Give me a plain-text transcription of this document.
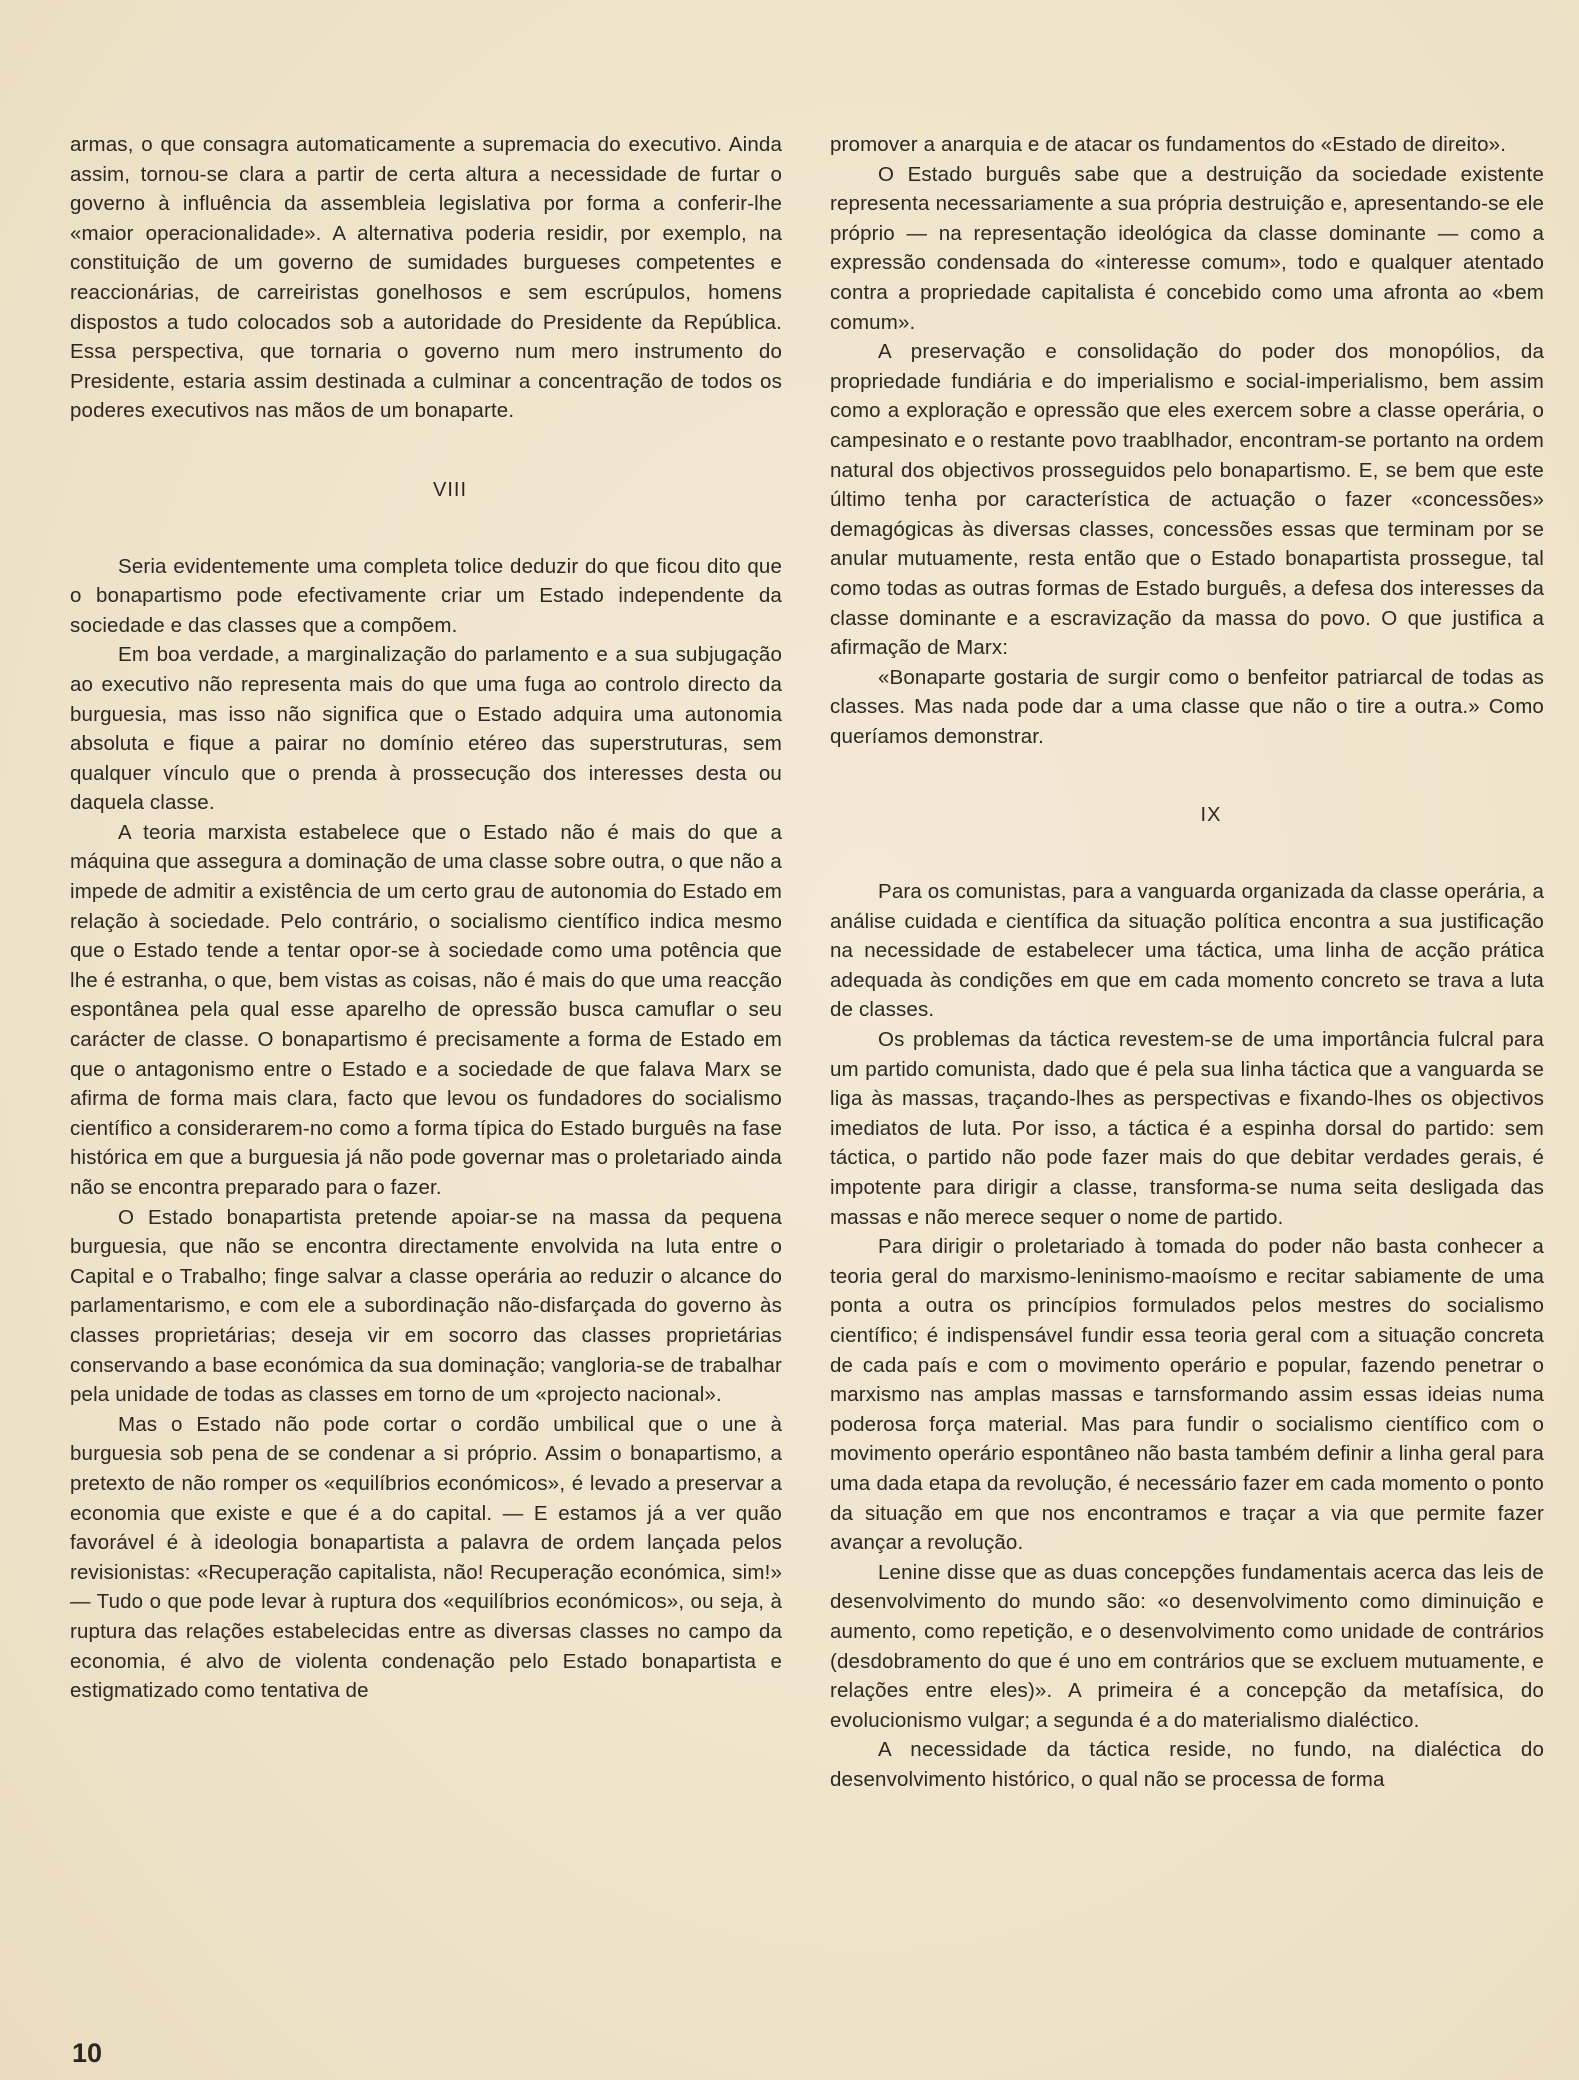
armas, o que consagra automaticamente a supremacia do executivo. Ainda assim, tornou-se clara a partir de certa altura a necessidade de furtar o governo à influência da assembleia legislativa por forma a conferir-lhe «maior operacionalidade». A alternativa poderia residir, por exemplo, na constituição de um governo de sumidades burgueses competentes e reaccionárias, de carreiristas gonelhosos e sem escrúpulos, homens dispostos a tudo colocados sob a autoridade do Presidente da República. Essa perspectiva, que tornaria o governo num mero instrumento do Presidente, estaria assim destinada a culminar a concentração de todos os poderes executivos nas mãos de um bonaparte.

VIII

Seria evidentemente uma completa tolice deduzir do que ficou dito que o bonapartismo pode efectivamente criar um Estado independente da sociedade e das classes que a compõem.

Em boa verdade, a marginalização do parlamento e a sua subjugação ao executivo não representa mais do que uma fuga ao controlo directo da burguesia, mas isso não significa que o Estado adquira uma autonomia absoluta e fique a pairar no domínio etéreo das superstruturas, sem qualquer vínculo que o prenda à prossecução dos interesses desta ou daquela classe.

A teoria marxista estabelece que o Estado não é mais do que a máquina que assegura a dominação de uma classe sobre outra, o que não a impede de admitir a existência de um certo grau de autonomia do Estado em relação à sociedade. Pelo contrário, o socialismo científico indica mesmo que o Estado tende a tentar opor-se à sociedade como uma potência que lhe é estranha, o que, bem vistas as coisas, não é mais do que uma reacção espontânea pela qual esse aparelho de opressão busca camuflar o seu carácter de classe. O bonapartismo é precisamente a forma de Estado em que o antagonismo entre o Estado e a sociedade de que falava Marx se afirma de forma mais clara, facto que levou os fundadores do socialismo científico a considerarem-no como a forma típica do Estado burguês na fase histórica em que a burguesia já não pode governar mas o proletariado ainda não se encontra preparado para o fazer.

O Estado bonapartista pretende apoiar-se na massa da pequena burguesia, que não se encontra directamente envolvida na luta entre o Capital e o Trabalho; finge salvar a classe operária ao reduzir o alcance do parlamentarismo, e com ele a subordinação não-disfarçada do governo às classes proprietárias; deseja vir em socorro das classes proprietárias conservando a base económica da sua dominação; vangloria-se de trabalhar pela unidade de todas as classes em torno de um «projecto nacional».

Mas o Estado não pode cortar o cordão umbilical que o une à burguesia sob pena de se condenar a si próprio. Assim o bonapartismo, a pretexto de não romper os «equilíbrios económicos», é levado a preservar a economia que existe e que é a do capital. — E estamos já a ver quão favorável é à ideologia bonapartista a palavra de ordem lançada pelos revisionistas: «Recuperação capitalista, não! Recuperação económica, sim!» — Tudo o que pode levar à ruptura dos «equilíbrios económicos», ou seja, à ruptura das relações estabelecidas entre as diversas classes no campo da economia, é alvo de violenta condenação pelo Estado bonapartista e estigmatizado como tentativa de

promover a anarquia e de atacar os fundamentos do «Estado de direito».

O Estado burguês sabe que a destruição da sociedade existente representa necessariamente a sua própria destruição e, apresentando-se ele próprio — na representação ideológica da classe dominante — como a expressão condensada do «interesse comum», todo e qualquer atentado contra a propriedade capitalista é concebido como uma afronta ao «bem comum».

A preservação e consolidação do poder dos monopólios, da propriedade fundiária e do imperialismo e social-imperialismo, bem assim como a exploração e opressão que eles exercem sobre a classe operária, o campesinato e o restante povo traablhador, encontram-se portanto na ordem natural dos objectivos prosseguidos pelo bonapartismo. E, se bem que este último tenha por característica de actuação o fazer «concessões» demagógicas às diversas classes, concessões essas que terminam por se anular mutuamente, resta então que o Estado bonapartista prossegue, tal como todas as outras formas de Estado burguês, a defesa dos interesses da classe dominante e a escravização da massa do povo. O que justifica a afirmação de Marx:

«Bonaparte gostaria de surgir como o benfeitor patriarcal de todas as classes. Mas nada pode dar a uma classe que não o tire a outra.» Como queríamos demonstrar.

IX

Para os comunistas, para a vanguarda organizada da classe operária, a análise cuidada e científica da situação política encontra a sua justificação na necessidade de estabelecer uma táctica, uma linha de acção prática adequada às condições em que em cada momento concreto se trava a luta de classes.

Os problemas da táctica revestem-se de uma importância fulcral para um partido comunista, dado que é pela sua linha táctica que a vanguarda se liga às massas, traçando-lhes as perspectivas e fixando-lhes os objectivos imediatos de luta. Por isso, a táctica é a espinha dorsal do partido: sem táctica, o partido não pode fazer mais do que debitar verdades gerais, é impotente para dirigir a classe, transforma-se numa seita desligada das massas e não merece sequer o nome de partido.

Para dirigir o proletariado à tomada do poder não basta conhecer a teoria geral do marxismo-leninismo-maoísmo e recitar sabiamente de uma ponta a outra os princípios formulados pelos mestres do socialismo científico; é indispensável fundir essa teoria geral com a situação concreta de cada país e com o movimento operário e popular, fazendo penetrar o marxismo nas amplas massas e tarnsformando assim essas ideias numa poderosa força material. Mas para fundir o socialismo científico com o movimento operário espontâneo não basta também definir a linha geral para uma dada etapa da revolução, é necessário fazer em cada momento o ponto da situação em que nos encontramos e traçar a via que permite fazer avançar a revolução.

Lenine disse que as duas concepções fundamentais acerca das leis de desenvolvimento do mundo são: «o desenvolvimento como diminuição e aumento, como repetição, e o desenvolvimento como unidade de contrários (desdobramento do que é uno em contrários que se excluem mutuamente, e relações entre eles)». A primeira é a concepção da metafísica, do evolucionismo vulgar; a segunda é a do materialismo dialéctico.

A necessidade da táctica reside, no fundo, na dialéctica do desenvolvimento histórico, o qual não se processa de forma

10
